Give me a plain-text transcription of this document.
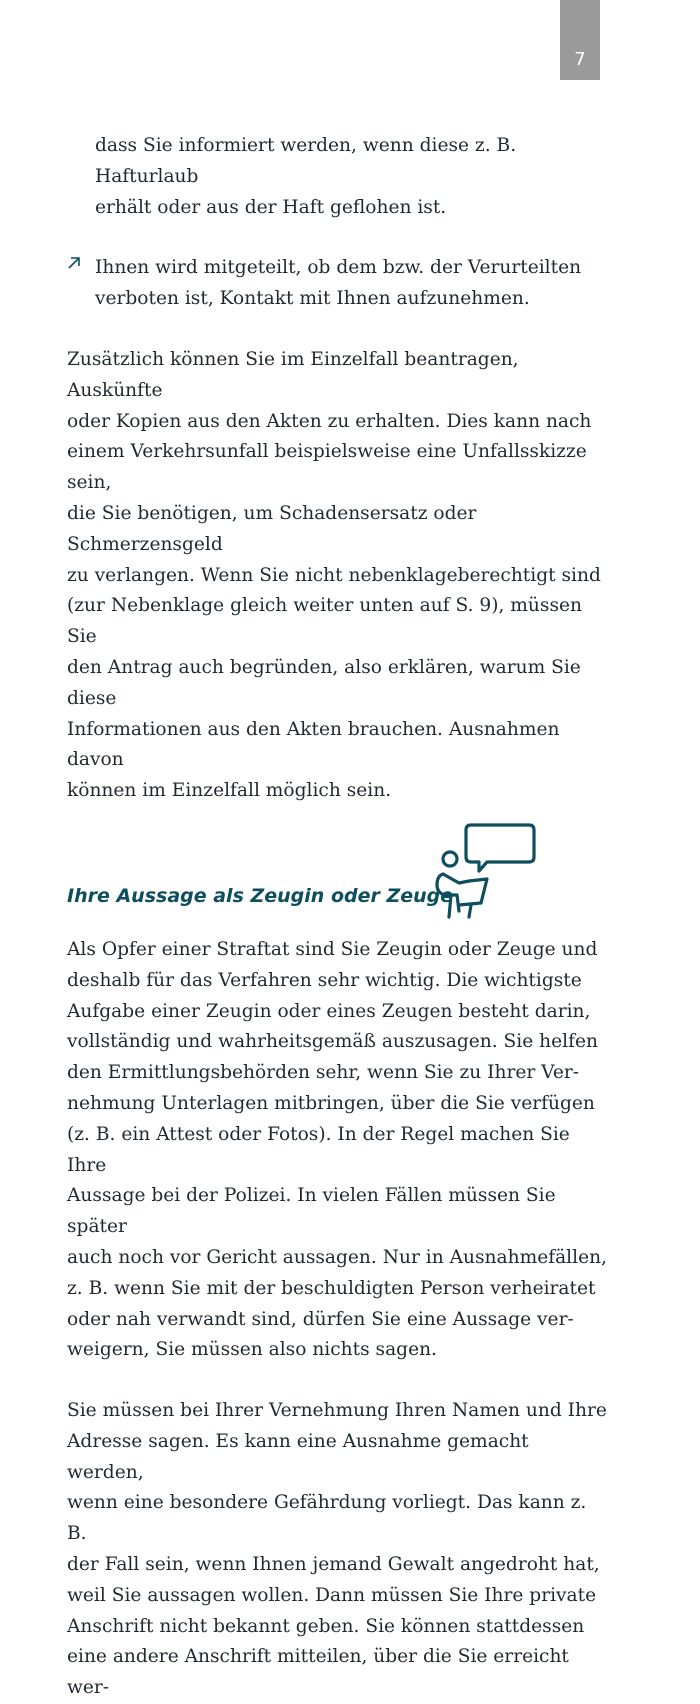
7

dass Sie informiert werden, wenn diese z. B. Hafturlaub
erhält oder aus der Haft geflohen ist.

Ihnen wird mitgeteilt, ob dem bzw. der Verurteilten
verboten ist, Kontakt mit Ihnen aufzunehmen.

Zusätzlich können Sie im Einzelfall beantragen, Auskünfte
oder Kopien aus den Akten zu erhalten. Dies kann nach
einem Verkehrsunfall beispielsweise eine Unfallsskizze sein,
die Sie benötigen, um Schadensersatz oder Schmerzensgeld
zu verlangen. Wenn Sie nicht nebenklageberechtigt sind
(zur Nebenklage gleich weiter unten auf S. 9), müssen Sie
den Antrag auch begründen, also erklären, warum Sie diese
Informationen aus den Akten brauchen. Ausnahmen davon
können im Einzelfall möglich sein.

Ihre Aussage als Zeugin oder Zeuge

Als Opfer einer Straftat sind Sie Zeugin oder Zeuge und
deshalb für das Verfahren sehr wichtig. Die wichtigste
Aufgabe einer Zeugin oder eines Zeugen besteht darin,
vollständig und wahrheitsgemäß auszusagen. Sie helfen
den Ermittlungsbehörden sehr, wenn Sie zu Ihrer Ver-
nehmung Unterlagen mitbringen, über die Sie verfügen
(z. B. ein Attest oder Fotos). In der Regel machen Sie Ihre
Aussage bei der Polizei. In vielen Fällen müssen Sie später
auch noch vor Gericht aussagen. Nur in Ausnahmefällen,
z. B. wenn Sie mit der beschuldigten Person verheiratet
oder nah verwandt sind, dürfen Sie eine Aussage ver-
weigern, Sie müssen also nichts sagen.

Sie müssen bei Ihrer Vernehmung Ihren Namen und Ihre
Adresse sagen. Es kann eine Ausnahme gemacht werden,
wenn eine besondere Gefährdung vorliegt. Das kann z. B.
der Fall sein, wenn Ihnen jemand Gewalt angedroht hat,
weil Sie aussagen wollen. Dann müssen Sie Ihre private
Anschrift nicht bekannt geben. Sie können stattdessen
eine andere Anschrift mitteilen, über die Sie erreicht wer-
